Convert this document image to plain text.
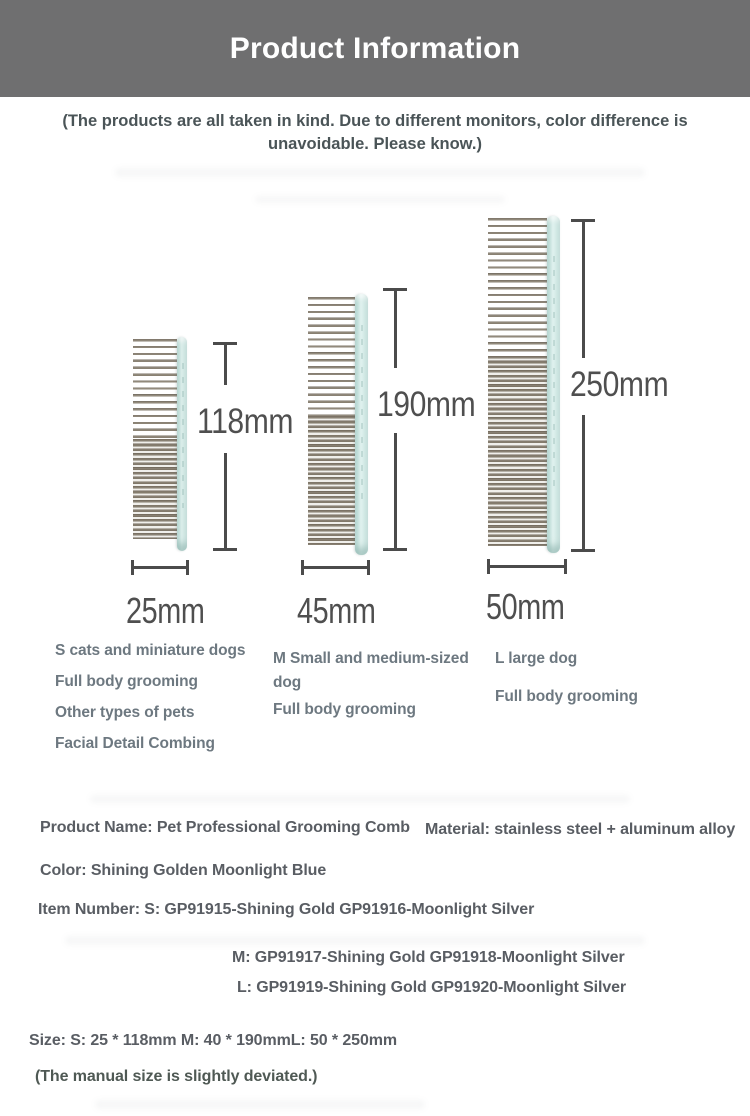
Product Information

(The products are all taken in kind. Due to different monitors, color difference is
unavoidable. Please know.)

118mm 190mm
250mm
25mm	45mm	50mm

S cats and miniature dogs

Full body grooming

Other types of pets

Facial Detail Combing

M Small and medium-sized dog

Full body grooming

L large dog

Full body grooming

Product Name: Pet Professional Grooming Comb Material: stainless steel + aluminum alloy
Color: Shining Golden Moonlight Blue
Item Number: S: GP91915-Shining Gold GP91916-Moonlight Silver
M: GP91917-Shining Gold GP91918-Moonlight Silver
L: GP91919-Shining Gold GP91920-Moonlight Silver
Size: S: 25 * 118mm M: 40 * 190mmL: 50 * 250mm
(The manual size is slightly deviated.)
